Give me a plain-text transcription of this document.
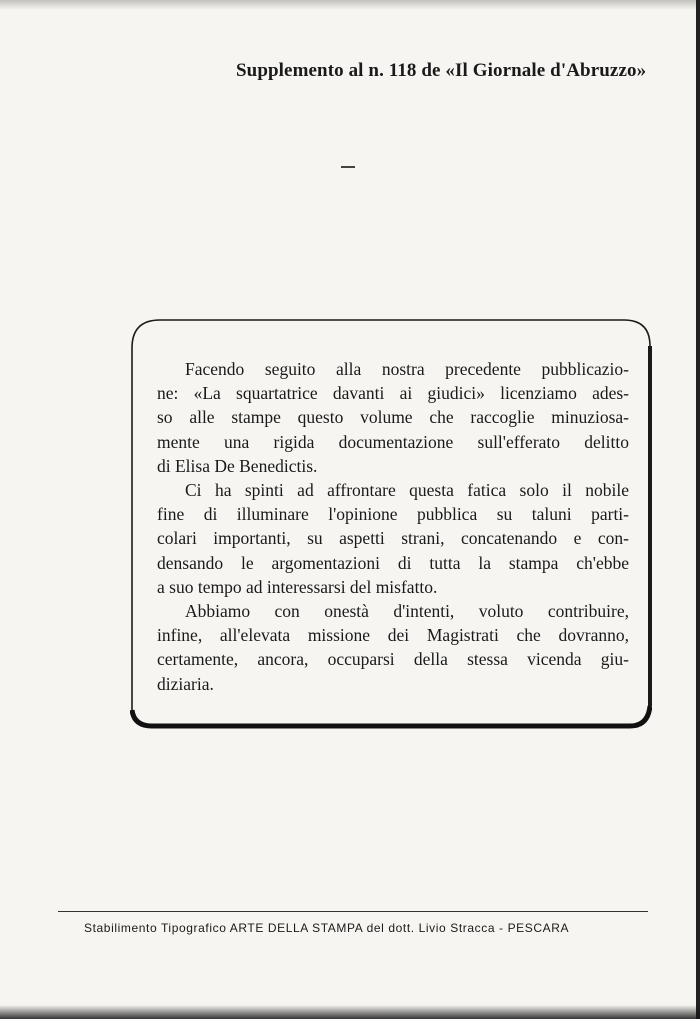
Supplemento al n. 118 de «Il Giornale d'Abruzzo»
Facendo seguito alla nostra precedente pubblicazio-
ne: «La squartatrice davanti ai giudici» licenziamo ades-
so alle stampe questo volume che raccoglie minuziosa-
mente una rigida documentazione sull'efferato delitto
di Elisa De Benedictis.
Ci ha spinti ad affrontare questa fatica solo il nobile
fine di illuminare l'opinione pubblica su taluni parti-
colari importanti, su aspetti strani, concatenando e con-
densando le argomentazioni di tutta la stampa ch'ebbe
a suo tempo ad interessarsi del misfatto.
Abbiamo con onestà d'intenti, voluto contribuire,
infine, all'elevata missione dei Magistrati che dovranno,
certamente, ancora, occuparsi della stessa vicenda giu-
diziaria.
Stabilimento Tipografico ARTE DELLA STAMPA del dott. Livio Stracca - PESCARA
